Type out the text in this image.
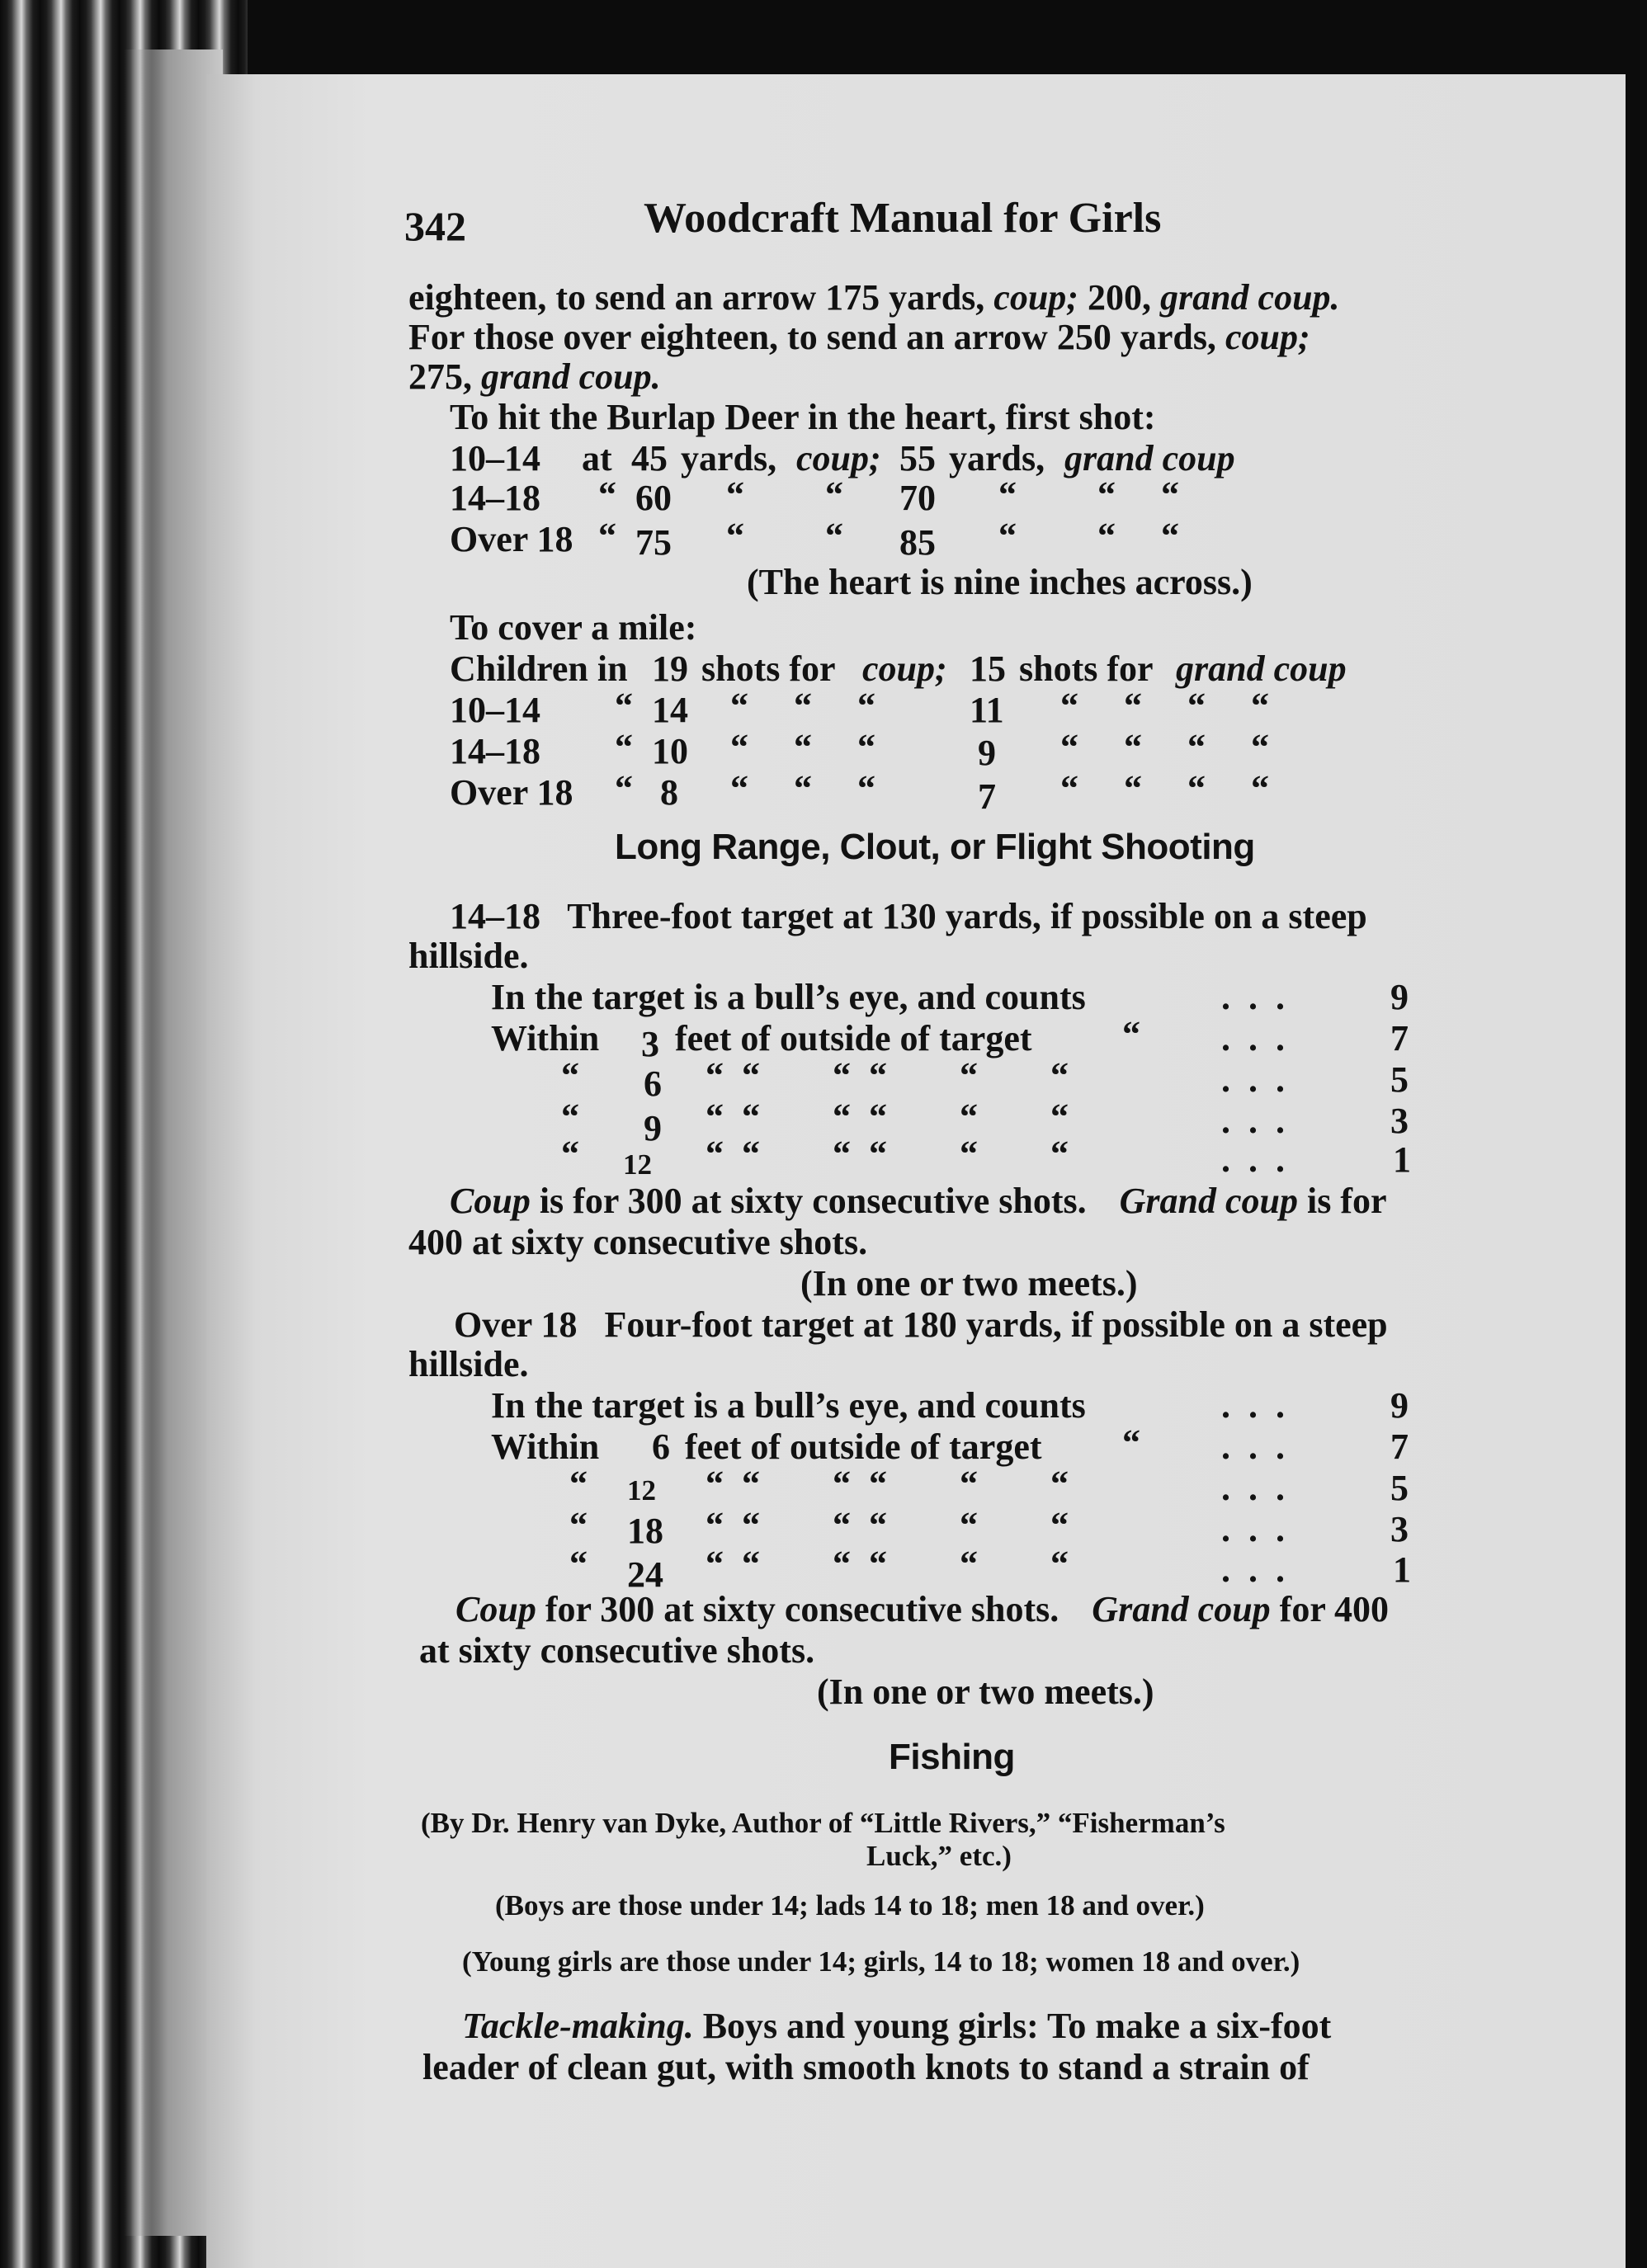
342	Woodcraft Manual for Girls
eighteen, to send an arrow 175 yards, coup; 200, grand coup.
For those over eighteen, to send an arrow 250 yards, coup;
275, grand coup.
To hit the Burlap Deer in the heart, first shot:
10–14 at 45 yards, coup; 55 yards, grand coup
14–18 “ 60 “ “ 70 “ “     “
Over 18 “ 75 “ “ 85 “ “     “
(The heart is nine inches across.)
To cover a mile:
Children in 19 shots for coup; 15 shots for grand coup
10–14 “ 14 “     “     “	11 “     “     “     “
14–18 “ 10 “     “     “	9 “     “     “     “
Over 18 “ 8 “     “     “	7 “     “     “     “
Long Range, Clout, or Flight Shooting
14–18   Three-foot target at 130 yards, if possible on a steep
hillside.
In the target is a bull’s eye, and counts	... 9
Within 3 feet of outside of target “ ... 7
“ 6 “  “        “  “        “        “	... 5
“ 9 “  “        “  “        “        “	... 3
“ 12 “  “        “  “        “        “	... 1
Coup is for 300 at sixty consecutive shots. Grand coup is for
400 at sixty consecutive shots.
(In one or two meets.)
Over 18   Four-foot target at 180 yards, if possible on a steep
hillside.
In the target is a bull’s eye, and counts	... 9
Within 6 feet of outside of target “ ... 7
“ 12 “  “        “  “        “        “	... 5
“ 18 “  “        “  “        “        “	... 3
“ 24 “  “        “  “        “        “	... 1
Coup for 300 at sixty consecutive shots. Grand coup for 400
at sixty consecutive shots.
(In one or two meets.)
Fishing
(By Dr. Henry van Dyke, Author of “Little Rivers,” “Fisherman’s
Luck,” etc.)
(Boys are those under 14; lads 14 to 18; men 18 and over.)
(Young girls are those under 14; girls, 14 to 18; women 18 and over.)
Tackle-making. Boys and young girls: To make a six-foot
leader of clean gut, with smooth knots to stand a strain of
